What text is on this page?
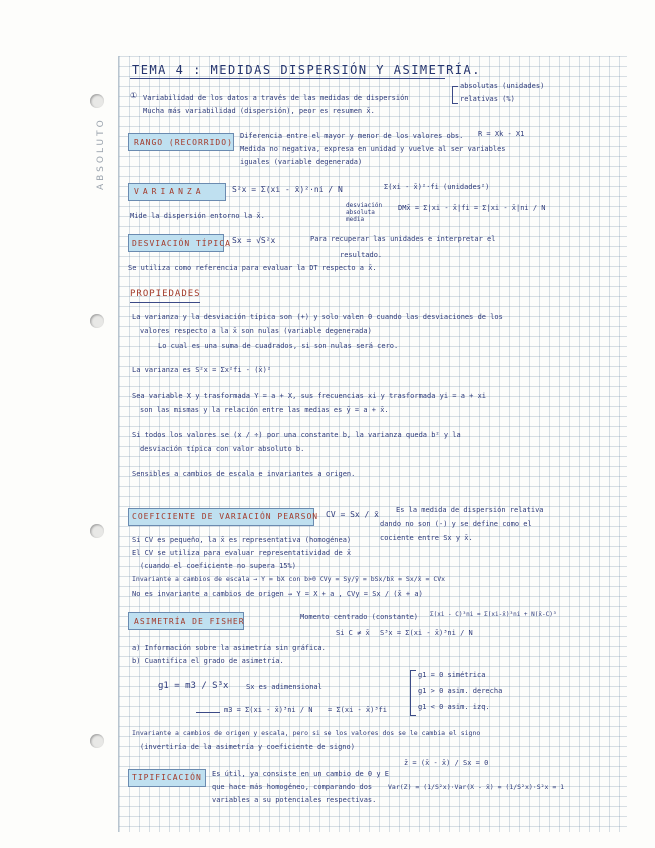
ABSOLUTO
TEMA 4 : MEDIDAS DISPERSIÓN Y ASIMETRÍA.
① Variabilidad de los datos a través de las medidas de dispersión
Mucha más variabilidad (dispersión), peor es resumen x̄.
absolutas (unidades)
relativas (%)
RANGO (RECORRIDO)
Diferencia entre el mayor y menor de los valores obs. R = Xk - X1
Medida no negativa, expresa en unidad y vuelve al ser variables
iguales (variable degenerada)
VARIANZA	S²x = Σ(xi - x̄)²·ni / N	Σ(xi - x̄)²·fi (unidades²)
desviación absoluta media
DMx̄ = Σ|xi - x̄|fi = Σ|xi - x̄|ni / N
Mide la dispersión entorno la x̄.
DESVIACIÓN TÍPICA Sx = √S²x	Para recuperar las unidades e interpretar el
resultado.
Se utiliza como referencia para evaluar la DT respecto a x̄.
PROPIEDADES
La varianza y la desviación típica son (+) y solo valen 0 cuando las desviaciones de los
valores respecto a la x̄ son nulas (variable degenerada)
Lo cual es una suma de cuadrados, si son nulas será cero.
La varianza es S²x = Σx²fi - (x̄)²
Sea variable X y trasformada Y = a + X, sus frecuencias xi y trasformada yi = a + xi
son las mismas y la relación entre las medias es ȳ = a + x̄.
Si todos los valores se (x / ÷) por una constante b, la varianza queda b² y la
desviación típica con valor absoluto b.
Sensibles a cambios de escala e invariantes a origen.
COEFICIENTE DE VARIACIÓN PEARSON CV = Sx / x̄ Es la medida de dispersión relativa
dando no son (-) y se define como el
cociente entre Sx y x̄.
Si CV es pequeño, la x̄ es representativa (homogénea)
El CV se utiliza para evaluar representatividad de x̄
(cuando el coeficiente no supera 15%)
Invariante a cambios de escala → Y = bX con b>0 CVy = Sy/ȳ = bSx/bx̄ = Sx/x̄ = CVx
No es invariante a cambios de origen → Y = X + a , CVy = Sx / (x̄ + a)
ASIMETRÍA DE FISHER	Momento centrado (constante) Σ(xi - C)³ni = Σ(xi-x̄)³ni + N(x̄-C)³
Si C ≠ x̄ S³x = Σ(xi - x̄)³ni / N
a) Información sobre la asimetría sin gráfica.
b) Cuantifica el grado de asimetría.
g1 = m3 / S³x	Sx es adimensional
m3 = Σ(xi - x̄)³ni / N = Σ(xi - x̄)³fi
g1 = 0 simétrica
g1 > 0 asim. derecha
g1 < 0 asim. izq.
Invariante a cambios de origen y escala, pero si se los valores dos se le cambia el signo
(invertiría de la asimetría y coeficiente de signo)
TIPIFICACIÓN Es útil, ya consiste en un cambio de 0 y E
que hace más homogéneo, comparando dos
variables a su potenciales respectivas.
z̄ = (x̄ - x̄) / Sx = 0
Var(Z) = (1/S²x)·Var(X - x̄) = (1/S²x)·S²x = 1
